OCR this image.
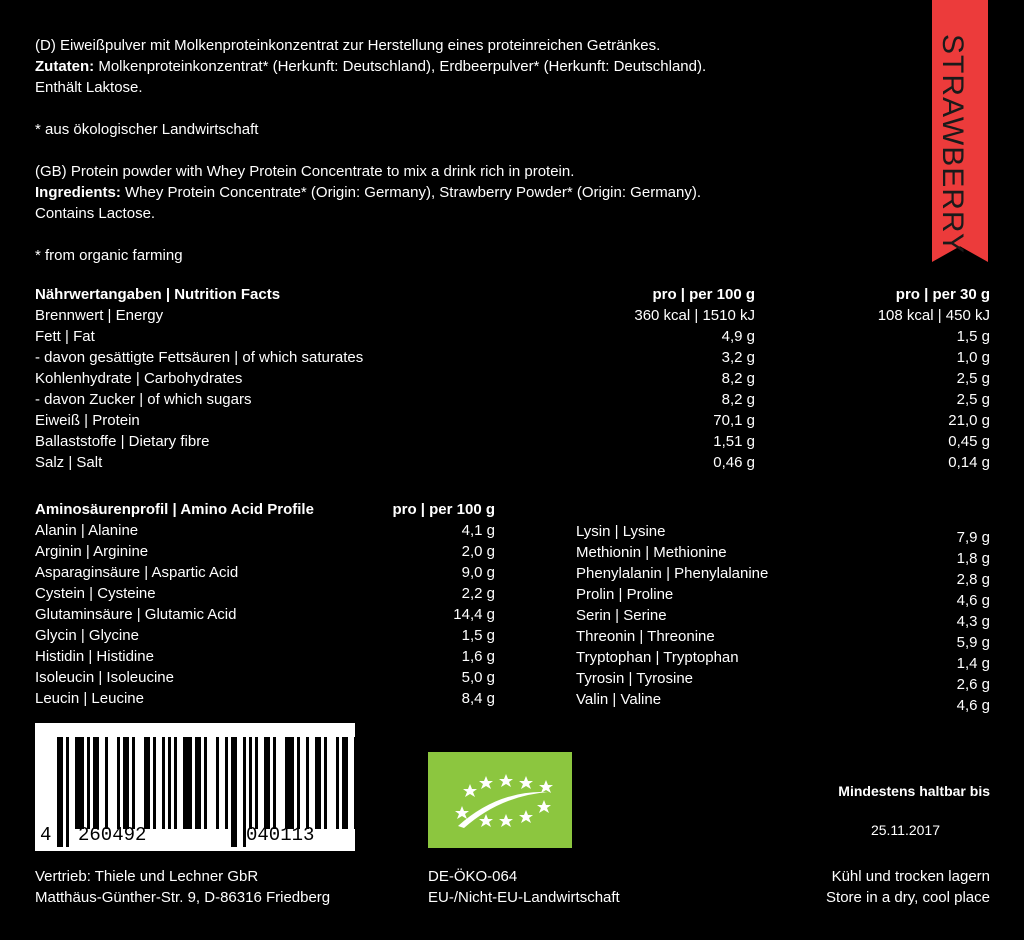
STRAWBERRY

(D) Eiweißpulver mit Molkenproteinkonzentrat zur Herstellung eines proteinreichen Getränkes.

Zutaten: Molkenproteinkonzentrat* (Herkunft: Deutschland), Erdbeerpulver* (Herkunft: Deutschland).

Enthält Laktose.

* aus ökologischer Landwirtschaft

(GB) Protein powder with Whey Protein Concentrate to mix a drink rich in protein.

Ingredients: Whey Protein Concentrate* (Origin: Germany), Strawberry Powder* (Origin: Germany).

Contains Lactose.

* from organic farming

Nährwertangaben | Nutrition Facts	pro | per 100 g	pro | per 30 g
Brennwert | Energy	360 kcal | 1510 kJ	108 kcal | 450 kJ
Fett | Fat	4,9 g	1,5 g
- davon gesättigte Fettsäuren | of which saturates	3,2 g	1,0 g
Kohlenhydrate | Carbohydrates	8,2 g	2,5 g
- davon Zucker | of which sugars	8,2 g	2,5 g
Eiweiß | Protein	70,1 g	21,0 g
Ballaststoffe | Dietary fibre	1,51 g	0,45 g
Salz | Salt	0,46 g	0,14 g
Aminosäurenprofil | Amino Acid Profile	pro | per 100 g
Alanin | Alanine	4,1 g
Arginin | Arginine	2,0 g
Asparaginsäure | Aspartic Acid	9,0 g
Cystein | Cysteine	2,2 g
Glutaminsäure | Glutamic Acid	14,4 g
Glycin | Glycine	1,5 g
Histidin | Histidine	1,6 g
Isoleucin | Isoleucine	5,0 g
Leucin | Leucine	8,4 g
Lysin | Lysine	7,9 g
Methionin | Methionine	1,8 g
Phenylalanin | Phenylalanine	2,8 g
Prolin | Proline	4,6 g
Serin | Serine	4,3 g
Threonin | Threonine	5,9 g
Tryptophan | Tryptophan	1,4 g
Tyrosin | Tyrosine	2,6 g
Valin | Valine	4,6 g
4 260492	040113
Mindestens haltbar bis
25.11.2017
Kühl und trocken lagern
Store in a dry, cool place
Vertrieb: Thiele und Lechner GbR
Matthäus-Günther-Str. 9, D-86316 Friedberg
DE-ÖKO-064
EU-/Nicht-EU-Landwirtschaft
